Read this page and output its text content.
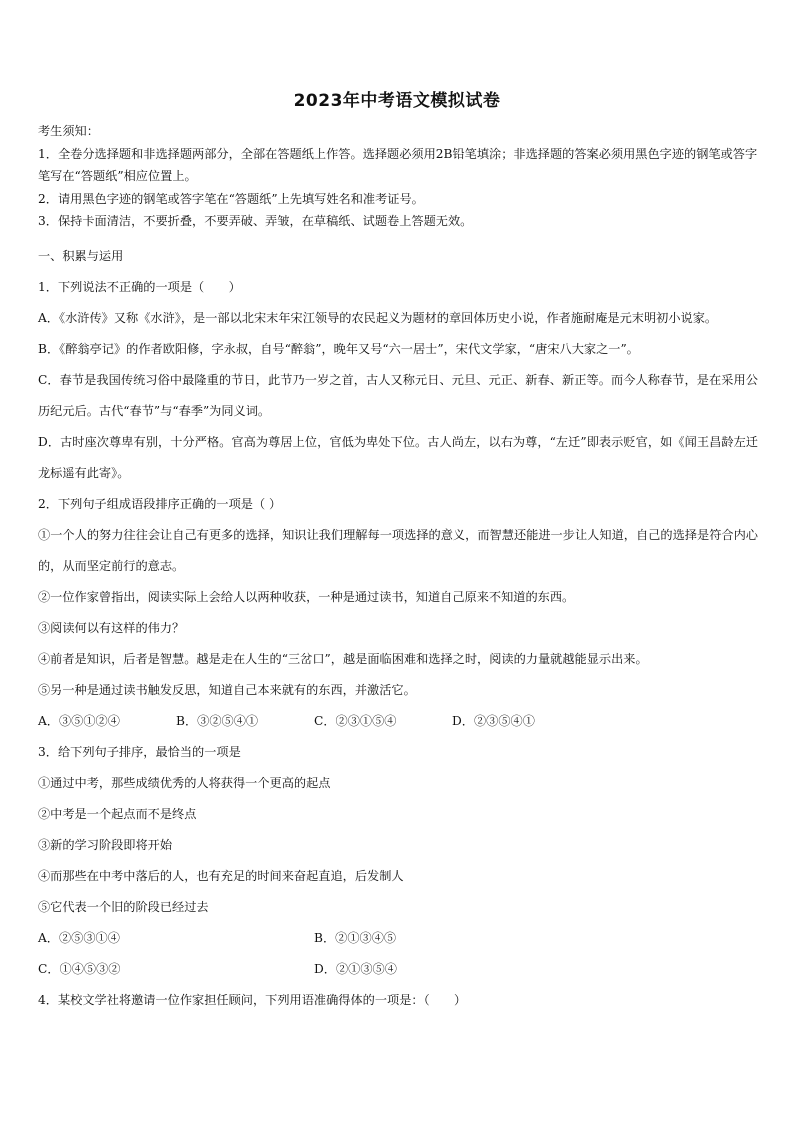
2023年中考语文模拟试卷

考生须知：

1．全卷分选择题和非选择题两部分，全部在答题纸上作答。选择题必须用2B铅笔填涂；非选择题的答案必须用黑色字迹的钢笔或答字笔写在“答题纸”相应位置上。

2．请用黑色字迹的钢笔或答字笔在“答题纸”上先填写姓名和准考证号。

3．保持卡面清洁，不要折叠，不要弄破、弄皱，在草稿纸、试题卷上答题无效。

一、积累与运用

1．下列说法不正确的一项是（　　）

A．《水浒传》又称《水浒》，是一部以北宋末年宋江领导的农民起义为题材的章回体历史小说，作者施耐庵是元末明初小说家。

B．《醉翁亭记》的作者欧阳修，字永叔，自号“醉翁”，晚年又号“六一居士”，宋代文学家，“唐宋八大家之一”。

C．春节是我国传统习俗中最隆重的节日，此节乃一岁之首，古人又称元日、元旦、元正、新春、新正等。而今人称春节，是在采用公历纪元后。古代“春节”与“春季”为同义词。

D．古时座次尊卑有别，十分严格。官高为尊居上位，官低为卑处下位。古人尚左，以右为尊，“左迁”即表示贬官，如《闻王昌龄左迁龙标遥有此寄》。

2．下列句子组成语段排序正确的一项是（ ）

①一个人的努力往往会让自己有更多的选择，知识让我们理解每一项选择的意义，而智慧还能进一步让人知道，自己的选择是符合内心的，从而坚定前行的意志。

②一位作家曾指出，阅读实际上会给人以两种收获，一种是通过读书，知道自己原来不知道的东西。

③阅读何以有这样的伟力？

④前者是知识，后者是智慧。越是走在人生的“三岔口”，越是面临困难和选择之时，阅读的力量就越能显示出来。

⑤另一种是通过读书触发反思，知道自己本来就有的东西，并激活它。

A．③⑤①②④	B．③②⑤④①	C．②③①⑤④	D．②③⑤④①

3．给下列句子排序，最恰当的一项是

①通过中考，那些成绩优秀的人将获得一个更高的起点

②中考是一个起点而不是终点

③新的学习阶段即将开始

④而那些在中考中落后的人，也有充足的时间来奋起直追，后发制人

⑤它代表一个旧的阶段已经过去

A．②⑤③①④	B．②①③④⑤
C．①④⑤③②	D．②①③⑤④

4．某校文学社将邀请一位作家担任顾问，下列用语准确得体的一项是：（　　）
